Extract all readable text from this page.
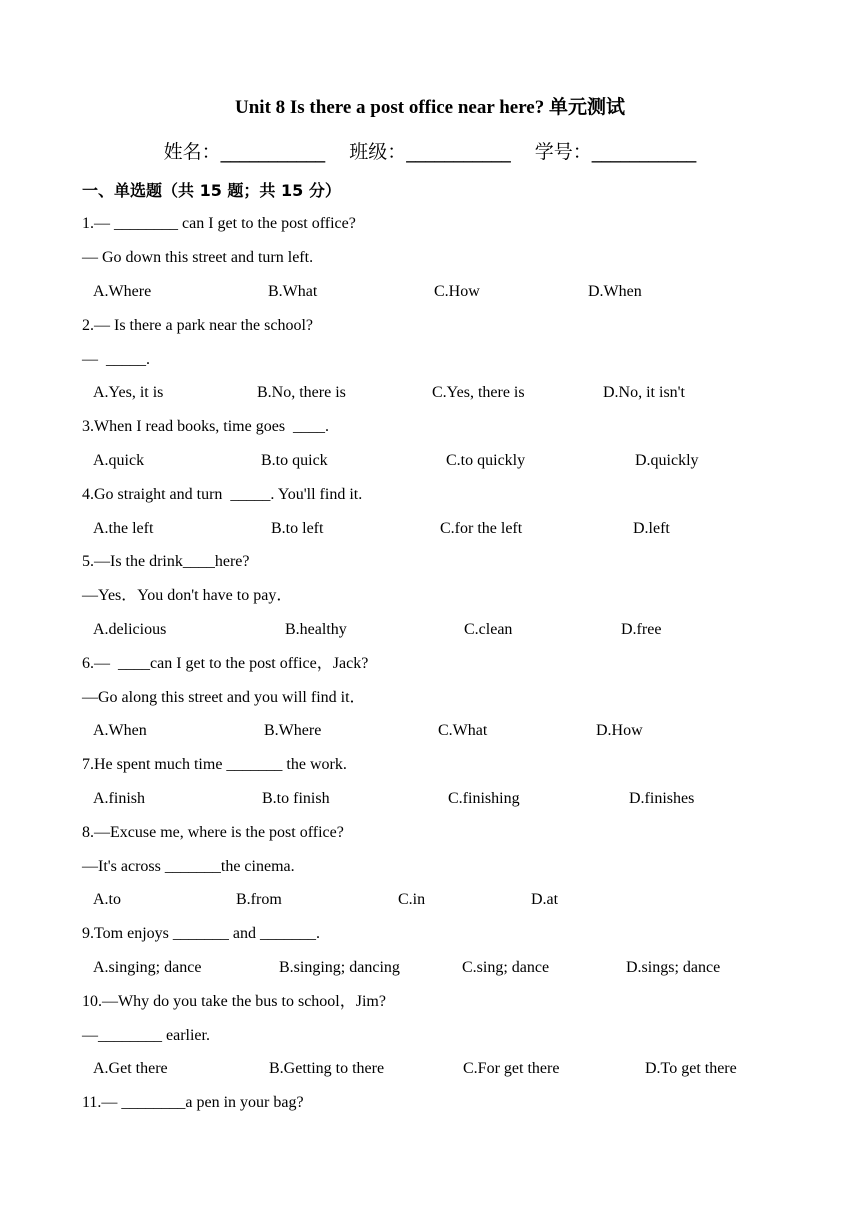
Unit 8 Is there a post office near here? 单元测试
姓名：___________ 班级：___________ 学号：___________
一、单选题（共 15 题；共 15 分）
1.— ________ can I get to the post office?
— Go down this street and turn left.
A.Where	B.What	C.How	D.When
2.— Is there a park near the school?
—  _____.
A.Yes, it is	B.No, there is	C.Yes, there is	D.No, it isn't
3.When I read books, time goes  ____.
A.quick	B.to quick	C.to quickly	D.quickly
4.Go straight and turn  _____. You'll find it.
A.the left	B.to left	C.for the left	D.left
5.—Is the drink____here?
—Yes．You don't have to pay．
A.delicious	B.healthy	C.clean	D.free
6.—  ____can I get to the post office，Jack?
—Go along this street and you will find it．
A.When	B.Where	C.What	D.How
7.He spent much time _______ the work.
A.finish	B.to finish	C.finishing	D.finishes
8.—Excuse me, where is the post office?
—It's across _______the cinema.
A.to	B.from	C.in	D.at
9.Tom enjoys _______ and _______.
A.singing; dance	B.singing; dancing	C.sing; dance	D.sings; dance
10.—Why do you take the bus to school，Jim?
—________ earlier.
A.Get there	B.Getting to there	C.For get there	D.To get there
11.— ________a pen in your bag?
